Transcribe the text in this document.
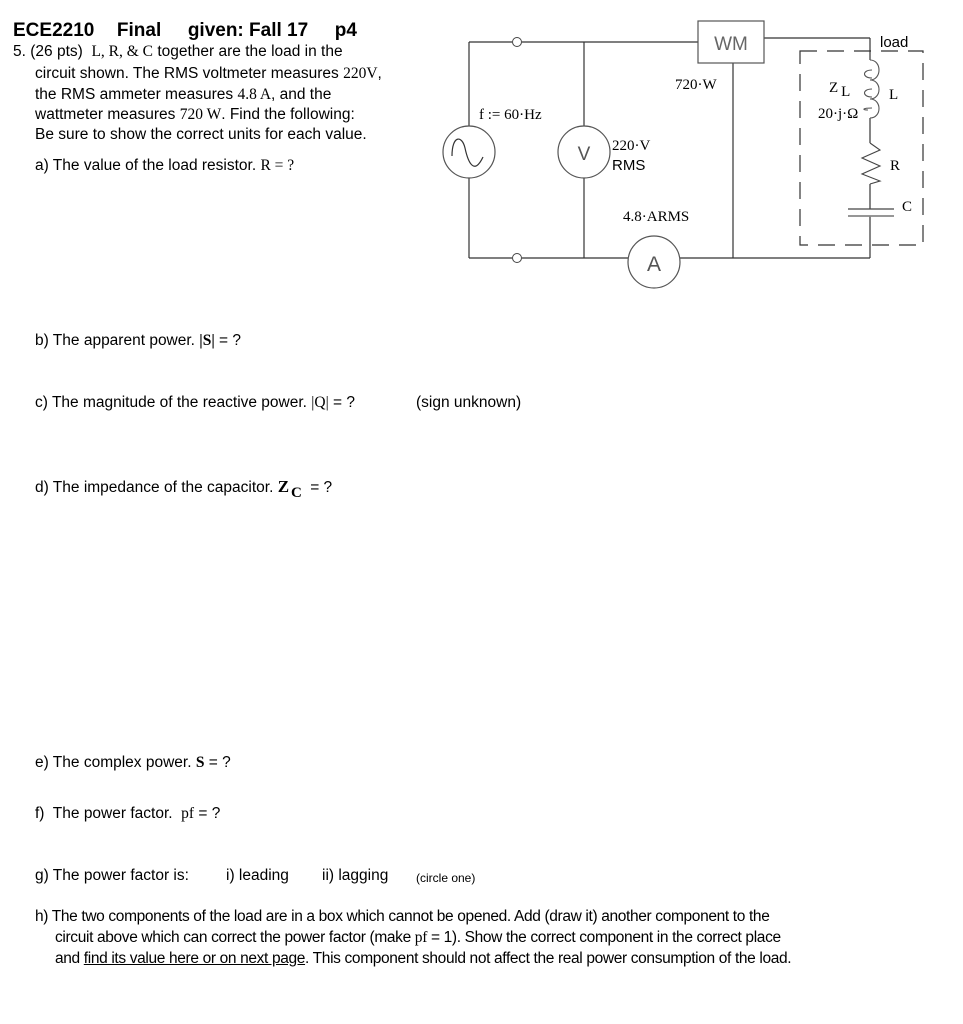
ECE2210 Final given: Fall 17 p4
5. (26 pts) L, R, & C together are the load in the
circuit shown. The RMS voltmeter measures 220V,
the RMS ammeter measures 4.8 A, and the
wattmeter measures 720 W. Find the following:
Be sure to show the correct units for each value.
a) The value of the load resistor. R = ?
V
A
WM
f := 60·Hz
220·V
RMS
4.8·ARMS
720·W
load
L
Z L
20·j·Ω
R
C
b) The apparent power. |S| = ?
c) The magnitude of the reactive power. |Q| = ?	(sign unknown)
d) The impedance of the capacitor. Z C = ?
e) The complex power. S = ?
f)  The power factor.  pf = ?
g) The power factor is: i) leading ii) lagging (circle one)
h) The two components of the load are in a box which cannot be opened. Add (draw it) another component to the
circuit above which can correct the power factor (make pf = 1). Show the correct component in the correct place
and find its value here or on next page. This component should not affect the real power consumption of the load.
